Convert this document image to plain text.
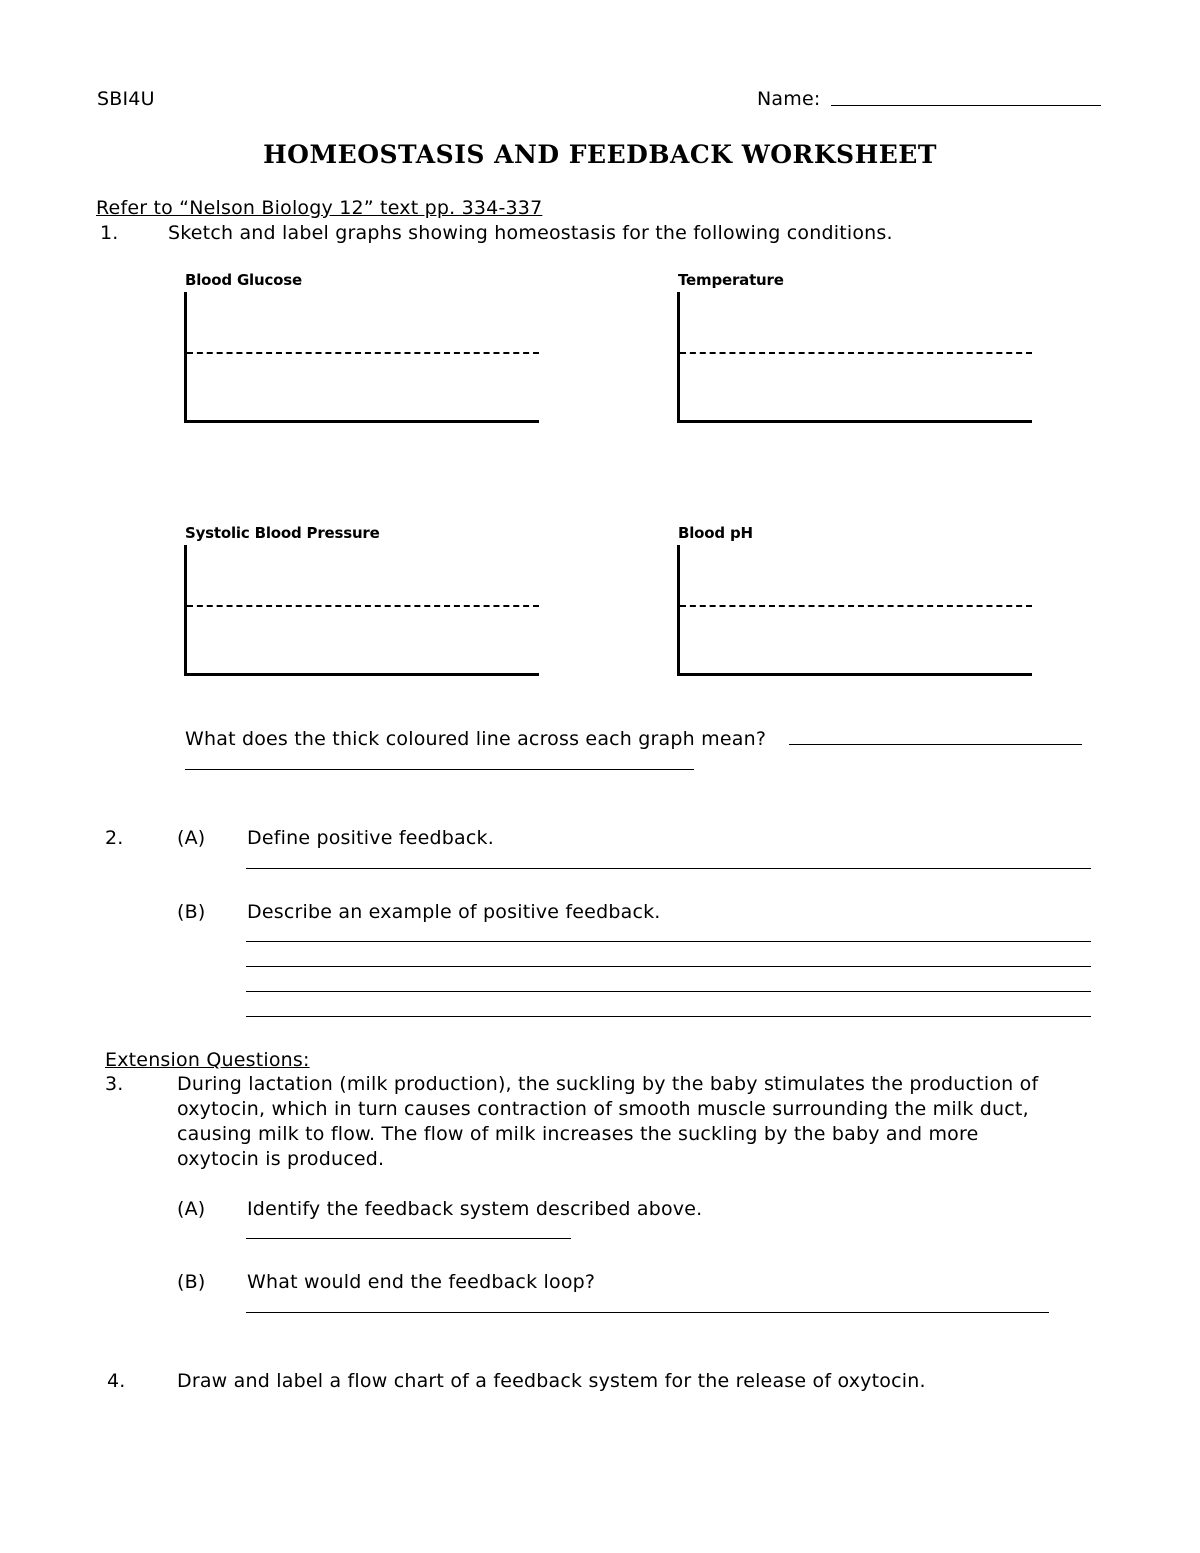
SBI4U	Name:
HOMEOSTASIS AND FEEDBACK WORKSHEET
Refer to “Nelson Biology 12” text pp. 334-337
1.	Sketch and label graphs showing homeostasis for the following conditions.
Blood Glucose	Temperature
Systolic Blood Pressure	Blood pH
What does the thick coloured line across each graph mean?
2.	(A) Define positive feedback.
(B) Describe an example of positive feedback.
Extension Questions:
3.	During lactation (milk production), the suckling by the baby stimulates the production of
oxytocin, which in turn causes contraction of smooth muscle surrounding the milk duct,
causing milk to flow. The flow of milk increases the suckling by the baby and more
oxytocin is produced.
(A) Identify the feedback system described above.
(B) What would end the feedback loop?
4.	Draw and label a flow chart of a feedback system for the release of oxytocin.
